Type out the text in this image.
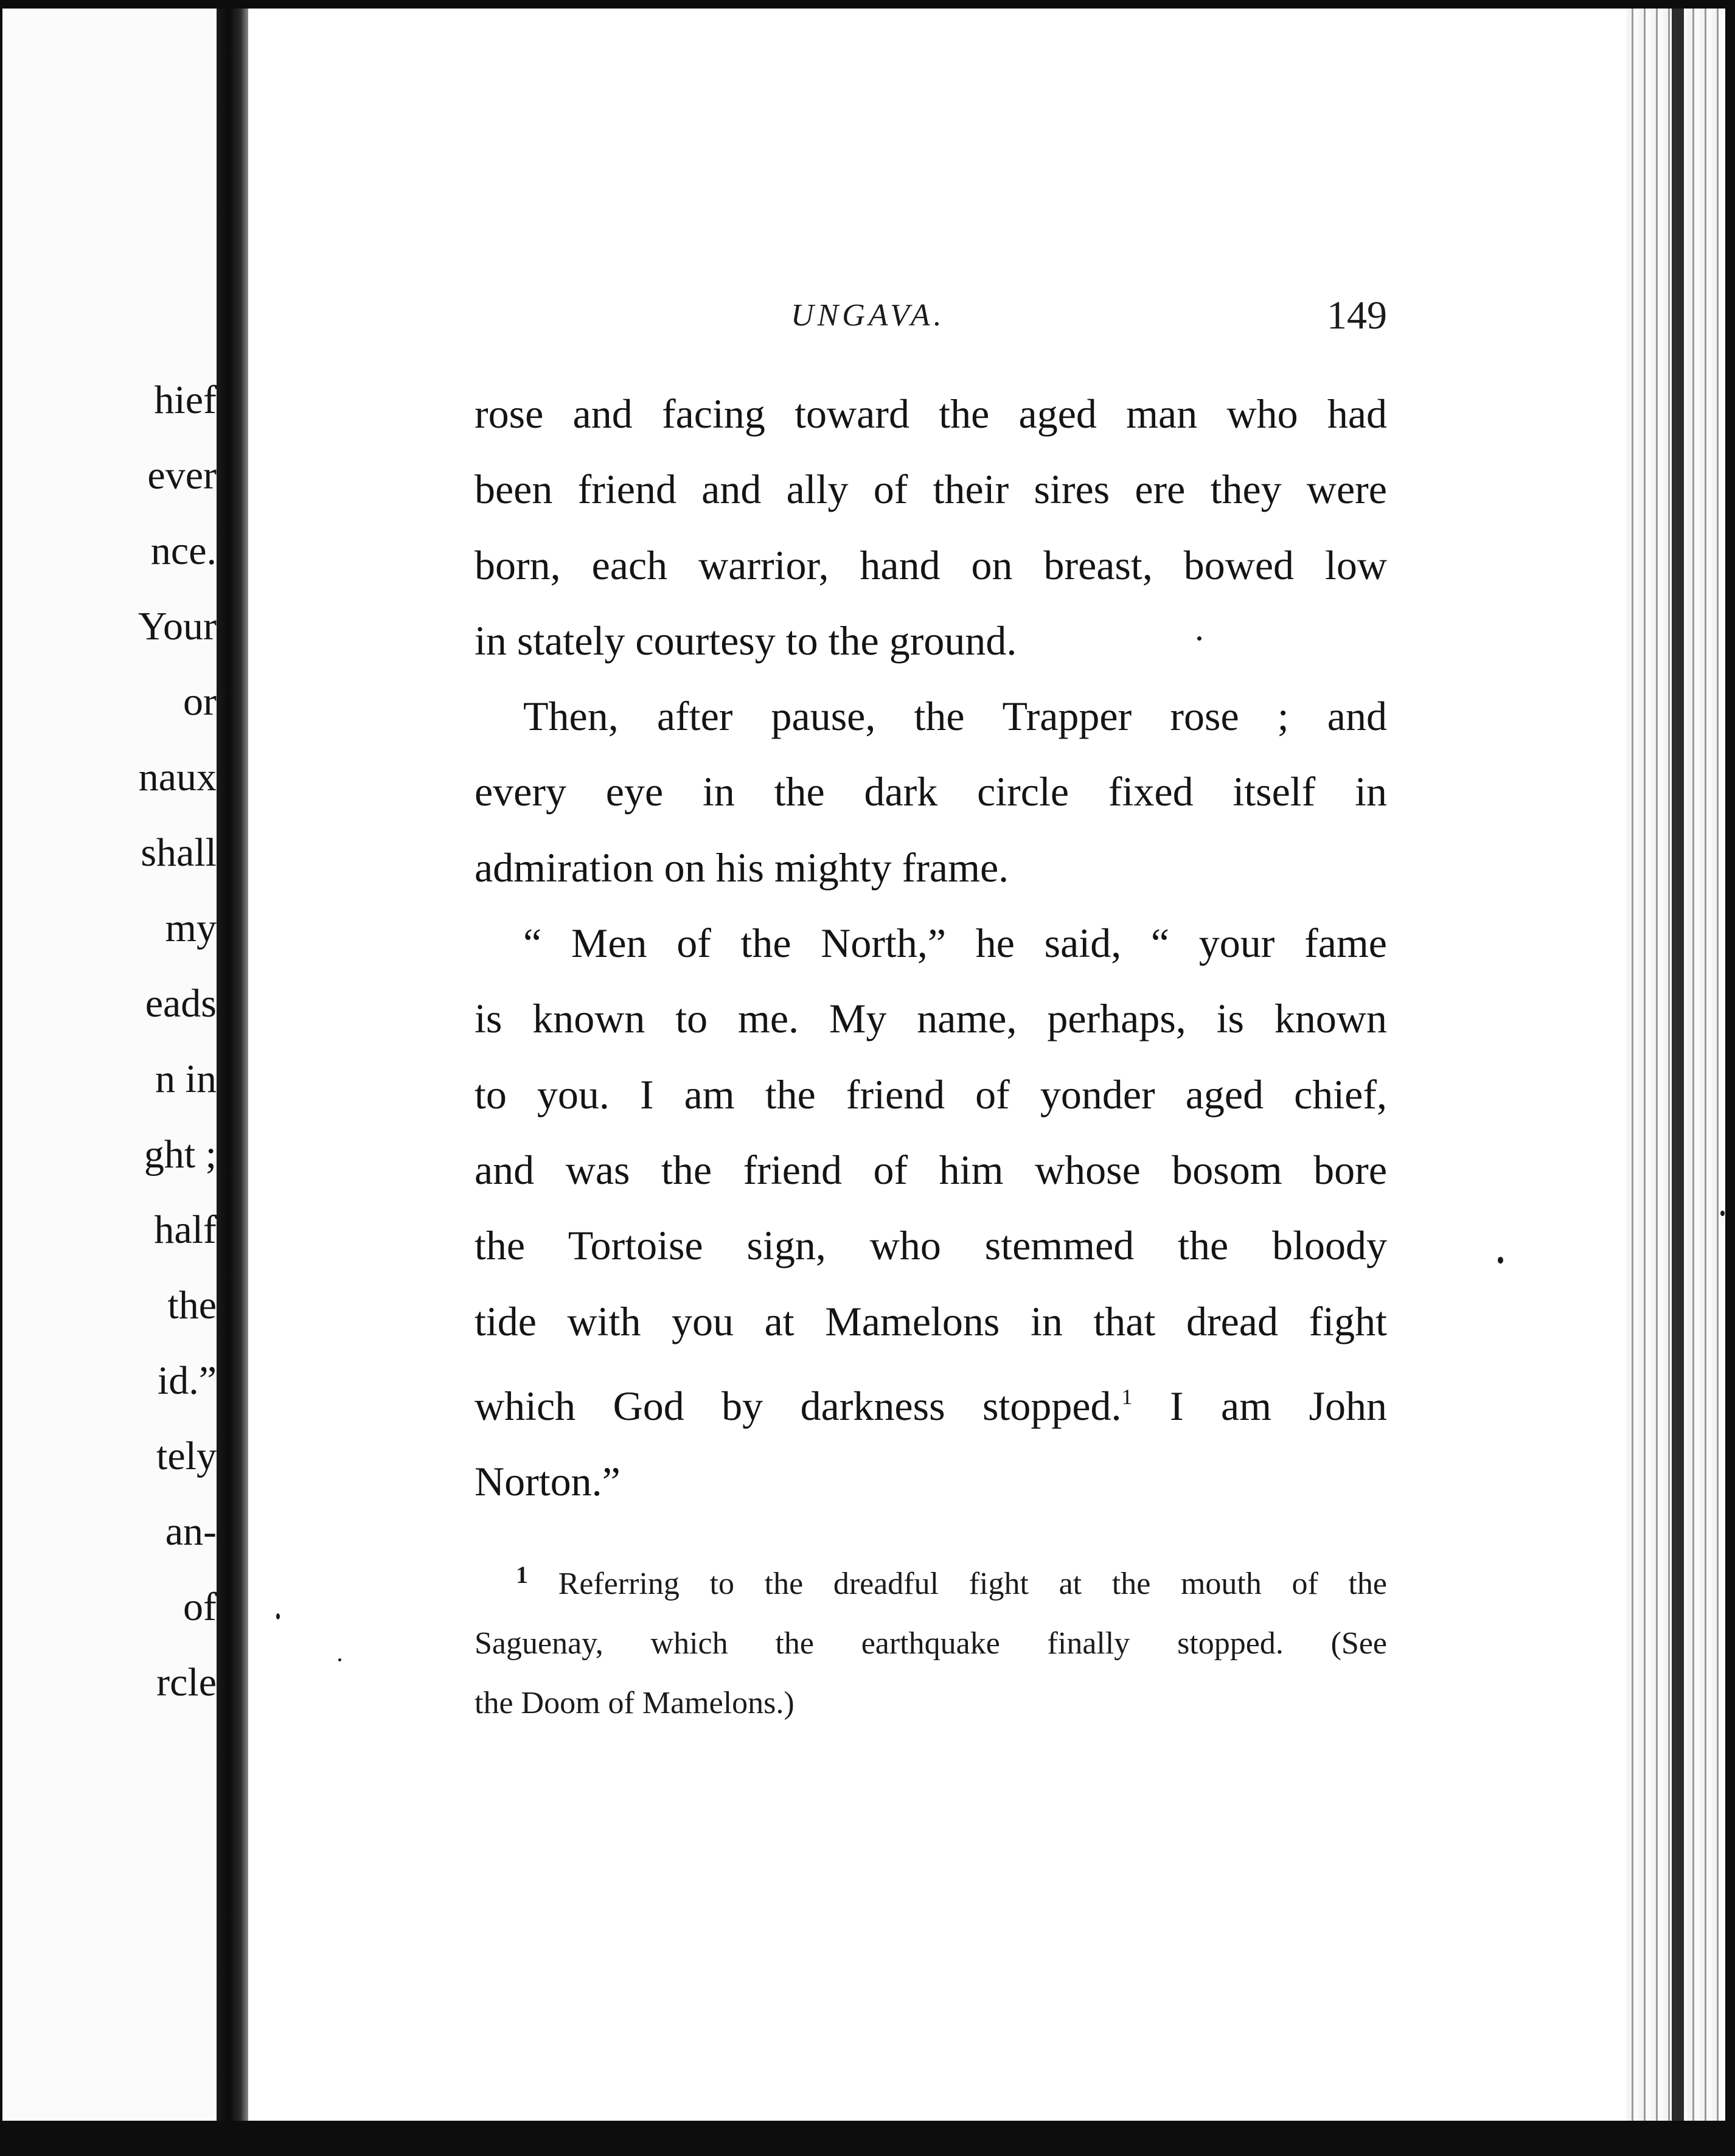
hief
ever
nce.
Your
or
naux
shall
my
eads
n in
ght ;
half
the
id.”
tely
an-
of
rcle
UNGAVA.	149

rose and facing toward the aged man who had
been friend and ally of their sires ere they were
born, each warrior, hand on breast, bowed low
in stately courtesy to the ground.

Then, after pause, the Trapper rose ; and
every eye in the dark circle fixed itself in
admiration on his mighty frame.

“ Men of the North,” he said, “ your fame
is known to me. My name, perhaps, is known
to you. I am the friend of yonder aged chief,
and was the friend of him whose bosom bore
the Tortoise sign, who stemmed the bloody
tide with you at Mamelons in that dread fight
which God by darkness stopped.$^1$ I am John
Norton.”

$^1$ Referring to the dreadful fight at the mouth of the
Saguenay, which the earthquake finally stopped. (See
the Doom of Mamelons.)
